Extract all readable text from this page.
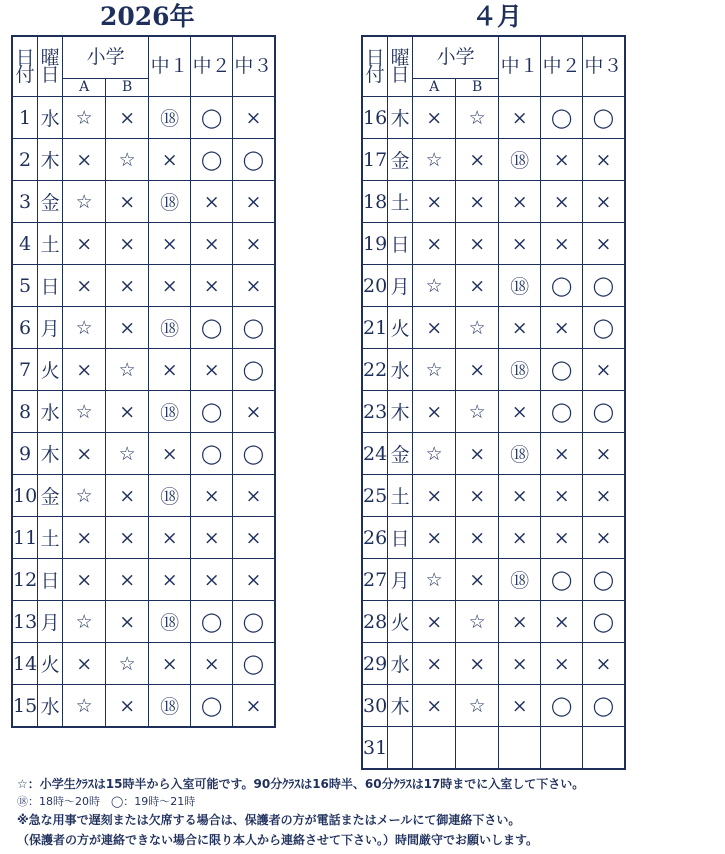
2026年	４月
日
付	曜
日	小学		中１	中２	中３
		A	B			
1	水	☆	×	⑱	◯	×
2	木	×	☆	×	◯	◯
3	金	☆	×	⑱	×	×
4	土	×	×	×	×	×
5	日	×	×	×	×	×
6	月	☆	×	⑱	◯	◯
7	火	×	☆	×	×	◯
8	水	☆	×	⑱	◯	×
9	木	×	☆	×	◯	◯
10	金	☆	×	⑱	×	×
11	土	×	×	×	×	×
12	日	×	×	×	×	×
13	月	☆	×	⑱	◯	◯
14	火	×	☆	×	×	◯
15	水	☆	×	⑱	◯	×
日
付	曜
日	小学		中１	中２	中３
		A	B			
16	木	×	☆	×	◯	◯
17	金	☆	×	⑱	×	×
18	土	×	×	×	×	×
19	日	×	×	×	×	×
20	月	☆	×	⑱	◯	◯
21	火	×	☆	×	×	◯
22	水	☆	×	⑱	◯	×
23	木	×	☆	×	◯	◯
24	金	☆	×	⑱	×	×
25	土	×	×	×	×	×
26	日	×	×	×	×	×
27	月	☆	×	⑱	◯	◯
28	火	×	☆	×	×	◯
29	水	×	×	×	×	×
30	木	×	☆	×	◯	◯
31						
☆：小学生ｸﾗｽは15時半から入室可能です。90分ｸﾗｽは16時半、60分ｸﾗｽは17時までに入室して下さい。
⑱：18時～20時　◯：19時～21時
※急な用事で遅刻または欠席する場合は、保護者の方が電話またはメールにて御連絡下さい。
（保護者の方が連絡できない場合に限り本人から連絡させて下さい。）時間厳守でお願いします。
